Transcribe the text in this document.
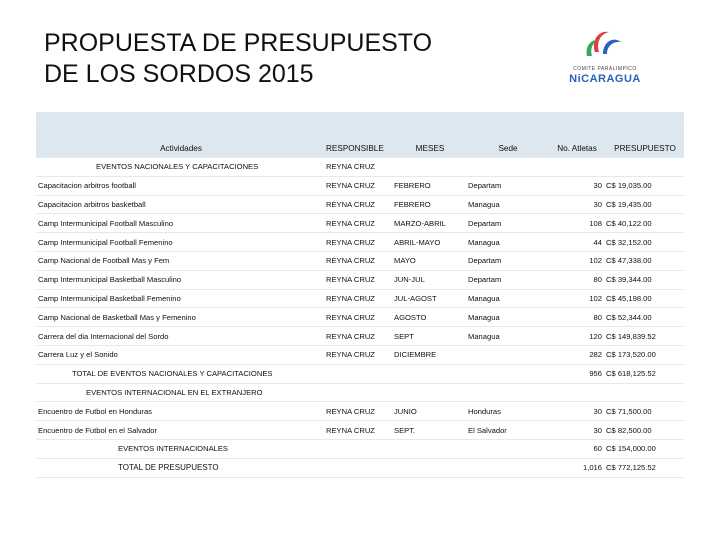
PROPUESTA DE PRESUPUESTO
DE LOS SORDOS 2015	COMITE PARALIMPICO
NiCARAGUA

Actividades	RESPONSIBLE	MESES	Sede	No. Atletas	PRESUPUESTO
EVENTOS NACIONALES Y CAPACITACIONES	REYNA CRUZ				
Capacitacion arbitros football	REYNA CRUZ	FEBRERO	Departam	30	C$ 19,035.00
Capacitacion arbitros basketball	REYNA CRUZ	FEBRERO	Managua	30	C$ 19,435.00
Camp Intermunicipal Football Masculino	REYNA CRUZ	MARZO-ABRIL	Departam	108	C$ 40,122.00
Camp Intermunicipal Football Femenino	REYNA CRUZ	ABRIL-MAYO	Managua	44	C$ 32,152.00
Camp Nacional de Football Mas y Fem	REYNA CRUZ	MAYO	Departam	102	C$ 47,338.00
Camp Intermunicipal Basketball Masculino	REYNA CRUZ	JUN-JUL	Departam	80	C$ 39,344.00
Camp Intermunicipal Basketball Femenino	REYNA CRUZ	JUL-AGOST	Managua	102	C$ 45,198.00
Camp Nacional de Basketball Mas y Femenino	REYNA CRUZ	AGOSTO	Managua	80	C$ 52,344.00
Carrera del dia Internacional del Sordo	REYNA CRUZ	SEPT	Managua	120	C$ 149,839.52
Carrera Luz y el Sonido	REYNA CRUZ	DICIEMBRE		282	C$ 173,520.00
TOTAL DE EVENTOS NACIONALES Y CAPACITACIONES				956	C$ 618,125.52
EVENTOS INTERNACIONAL EN EL EXTRANJERO					
Encuentro de Futbol en Honduras	REYNA CRUZ	JUNIO	Honduras	30	C$ 71,500.00
Encuentro de Futbol en el Salvador	REYNA CRUZ	SEPT.	El Salvador	30	C$ 82,500.00
EVENTOS INTERNACIONALES				60	C$ 154,000.00
TOTAL DE PRESUPUESTO				1,016	C$ 772,125.52
